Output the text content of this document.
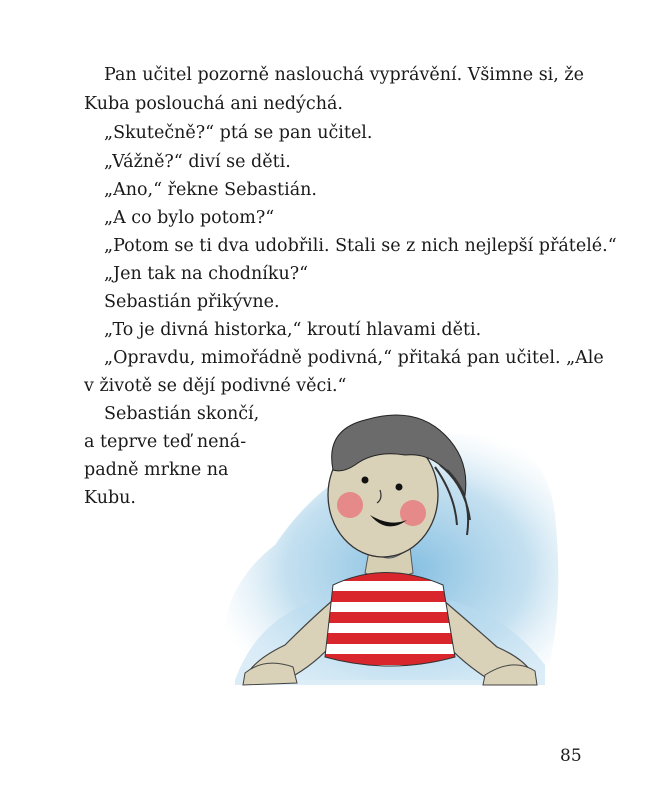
Pan učitel pozorně naslouchá vyprávění. Všimne si, že
Kuba poslouchá ani nedýchá.
„Skutečně?“ ptá se pan učitel.
„Vážně?“ diví se děti.
„Ano,“ řekne Sebastián.
„A co bylo potom?“
„Potom se ti dva udobřili. Stali se z nich nejlepší přátelé.“
„Jen tak na chodníku?“
Sebastián přikývne.
„To je divná historka,“ kroutí hlavami děti.
„Opravdu, mimořádně podivná,“ přitaká pan učitel. „Ale
v životě se dějí podivné věci.“
Sebastián skončí,
a teprve teď nená-
padně mrkne na
Kubu.
85
